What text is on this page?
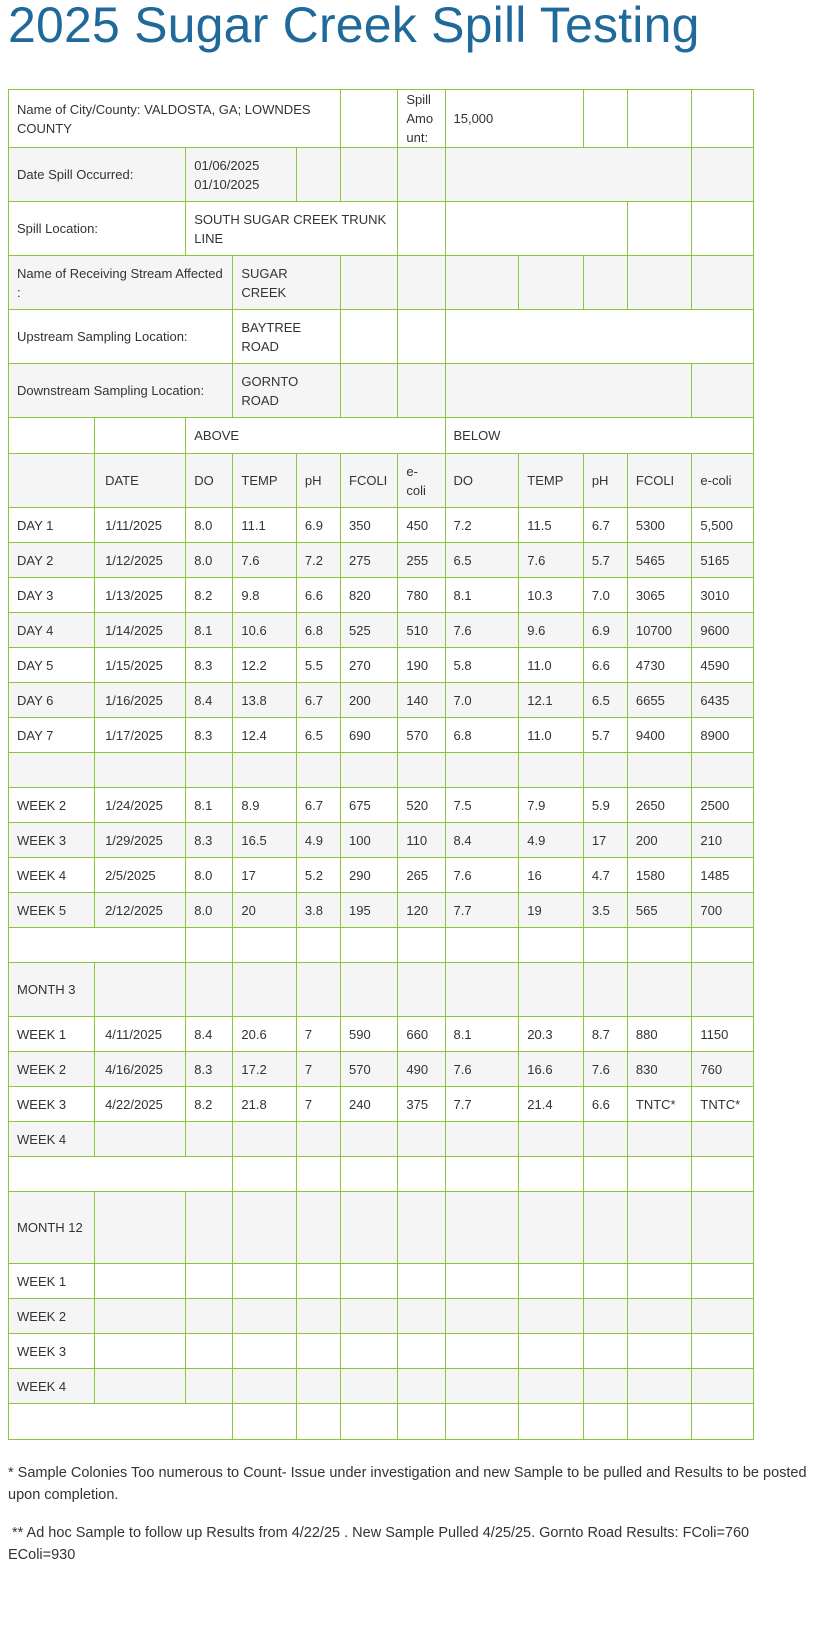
2025 Sugar Creek Spill Testing
Name of City/County: VALDOSTA, GA; LOWNDES COUNTY						Spill Amount:	15,000				
Date Spill Occurred:		01/06/2025
01/10/2025									
Spill Location:		SOUTH SUGAR CREEK TRUNK LINE									
Name of Receiving Stream Affected :			SUGAR CREEK								
Upstream Sampling Location:			BAYTREE ROAD								
Downstream Sampling Location:			GORNTO ROAD								
		ABOVE					BELOW				
	DATE	DO	TEMP	pH	FCOLI	e-coli	DO	TEMP	pH	FCOLI	e-coli
DAY 1	1/11/2025	8.0	11.1	6.9	350	450	7.2	11.5	6.7	5300	5,500
DAY 2	1/12/2025	8.0	7.6	7.2	275	255	6.5	7.6	5.7	5465	5165
DAY 3	1/13/2025	8.2	9.8	6.6	820	780	8.1	10.3	7.0	3065	3010
DAY 4	1/14/2025	8.1	10.6	6.8	525	510	7.6	9.6	6.9	10700	9600
DAY 5	1/15/2025	8.3	12.2	5.5	270	190	5.8	11.0	6.6	4730	4590
DAY 6	1/16/2025	8.4	13.8	6.7	200	140	7.0	12.1	6.5	6655	6435
DAY 7	1/17/2025	8.3	12.4	6.5	690	570	6.8	11.0	5.7	9400	8900

WEEK 2	1/24/2025	8.1	8.9	6.7	675	520	7.5	7.9	5.9	2650	2500
WEEK 3	1/29/2025	8.3	16.5	4.9	100	110	8.4	4.9	17	200	210
WEEK 4	2/5/2025	8.0	17	5.2	290	265	7.6	16	4.7	1580	1485
WEEK 5	2/12/2025	8.0	20	3.8	195	120	7.7	19	3.5	565	700

MONTH 3											
WEEK 1	4/11/2025	8.4	20.6	7	590	660	8.1	20.3	8.7	880	1150
WEEK 2	4/16/2025	8.3	17.2	7	570	490	7.6	16.6	7.6	830	760
WEEK 3	4/22/2025	8.2	21.8	7	240	375	7.7	21.4	6.6	TNTC*	TNTC*
WEEK 4											

MONTH 12											
WEEK 1											
WEEK 2											
WEEK 3											
WEEK 4											

* Sample Colonies Too numerous to Count- Issue under investigation and new Sample to be pulled and Results to be posted upon completion.

** Ad hoc Sample to follow up Results from 4/22/25 . New Sample Pulled 4/25/25. Gornto Road Results: FColi=760 EColi=930
